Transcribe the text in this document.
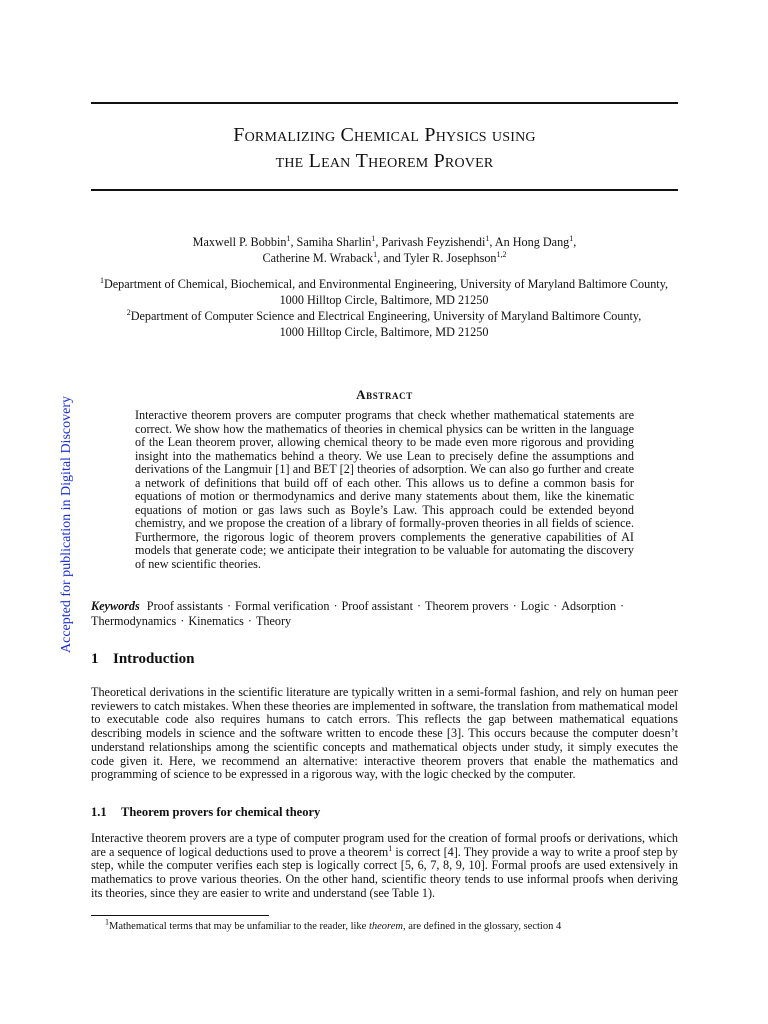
Accepted for publication in Digital Discovery
Formalizing Chemical Physics using
the Lean Theorem Prover
Maxwell P. Bobbin$^1$, Samiha Sharlin$^1$, Parivash Feyzishendi$^1$, An Hong Dang$^1$,
Catherine M. Wraback$^1$, and Tyler R. Josephson$^{1,2}$
$^1$Department of Chemical, Biochemical, and Environmental Engineering, University of Maryland Baltimore County,
1000 Hilltop Circle, Baltimore, MD 21250
$^2$Department of Computer Science and Electrical Engineering, University of Maryland Baltimore County,
1000 Hilltop Circle, Baltimore, MD 21250
Abstract

Interactive theorem provers are computer programs that check whether mathematical statements are correct. We show how the mathematics of theories in chemical physics can be written in the language of the Lean theorem prover, allowing chemical theory to be made even more rigorous and providing insight into the mathematics behind a theory. We use Lean to precisely define the assumptions and derivations of the Langmuir [1] and BET [2] theories of adsorption. We can also go further and create a network of definitions that build off of each other. This allows us to define a common basis for equations of motion or thermodynamics and derive many statements about them, like the kinematic equations of motion or gas laws such as Boyle’s Law. This approach could be extended beyond chemistry, and we propose the creation of a library of formally-proven theories in all fields of science. Furthermore, the rigorous logic of theorem provers complements the generative capabilities of AI models that generate code; we anticipate their integration to be valuable for automating the discovery of new scientific theories.

Keywords Proof assistants · Formal verification · Proof assistant · Theorem provers · Logic · Adsorption ·
Thermodynamics · Kinematics · Theory

1 Introduction

Theoretical derivations in the scientific literature are typically written in a semi-formal fashion, and rely on human peer reviewers to catch mistakes. When these theories are implemented in software, the translation from mathematical model to executable code also requires humans to catch errors. This reflects the gap between mathematical equations describing models in science and the software written to encode these [3]. This occurs because the computer doesn’t understand relationships among the scientific concepts and mathematical objects under study, it simply executes the code given it. Here, we recommend an alternative: interactive theorem provers that enable the mathematics and programming of science to be expressed in a rigorous way, with the logic checked by the computer.

1.1 Theorem provers for chemical theory

Interactive theorem provers are a type of computer program used for the creation of formal proofs or derivations, which are a sequence of logical deductions used to prove a theorem$^1$ is correct [4]. They provide a way to write a proof step by step, while the computer verifies each step is logically correct [5, 6, 7, 8, 9, 10]. Formal proofs are used extensively in mathematics to prove various theories. On the other hand, scientific theory tends to use informal proofs when deriving its theories, since they are easier to write and understand (see Table 1).

$^1$Mathematical terms that may be unfamiliar to the reader, like theorem, are defined in the glossary, section 4
